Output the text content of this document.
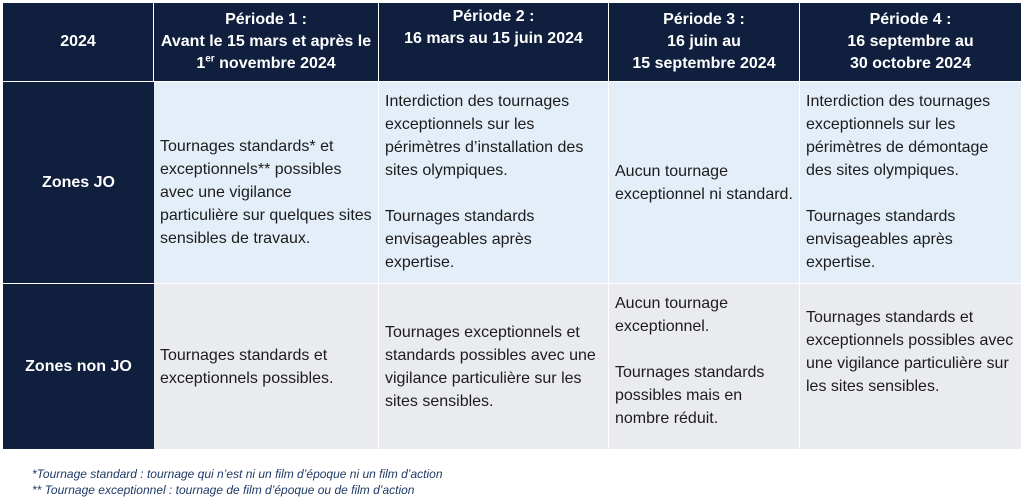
2024
Période 1 :
Avant le 15 mars et après le
1er novembre 2024
Période 2 :
16 mars au 15 juin 2024
Période 3 :
16 juin au
15 septembre 2024
Période 4 :
16 septembre au
30 octobre 2024
Zones JO

Tournages standards* et exceptionnels** possibles avec une vigilance particulière sur quelques sites sensibles de travaux.

Interdiction des tournages exceptionnels sur les périmètres d’installation des sites olympiques.

Tournages standards envisageables après expertise.

Aucun tournage exceptionnel ni standard.

Interdiction des tournages exceptionnels sur les périmètres de démontage des sites olympiques.

Tournages standards envisageables après expertise.

Zones non JO

Tournages standards et exceptionnels possibles.

Tournages exceptionnels et standards possibles avec une vigilance particulière sur les sites sensibles.

Aucun tournage exceptionnel.

Tournages standards possibles mais en nombre réduit.

Tournages standards et exceptionnels possibles avec une vigilance particulière sur les sites sensibles.

*Tournage standard : tournage qui n’est ni un film d’époque ni un film d’action
** Tournage exceptionnel : tournage de film d’époque ou de film d’action
